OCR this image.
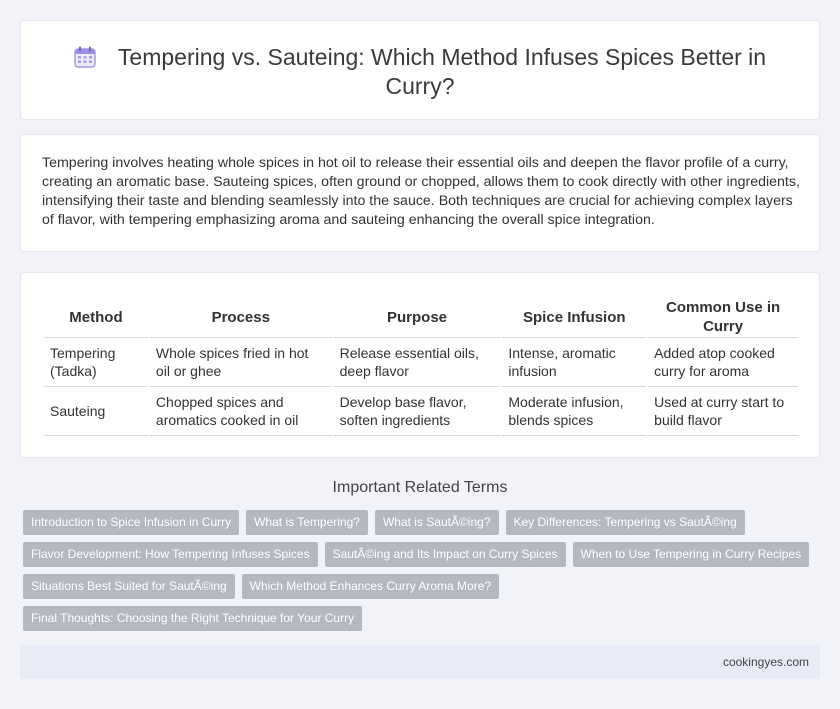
Tempering vs. Sauteing: Which Method Infuses Spices Better in Curry?

Tempering involves heating whole spices in hot oil to release their essential oils and deepen the flavor profile of a curry, creating an aromatic base. Sauteing spices, often ground or chopped, allows them to cook directly with other ingredients, intensifying their taste and blending seamlessly into the sauce. Both techniques are crucial for achieving complex layers of flavor, with tempering emphasizing aroma and sauteing enhancing the overall spice integration.

Method	Process	Purpose	Spice Infusion	Common Use in Curry
Tempering (Tadka)	Whole spices fried in hot oil or ghee	Release essential oils, deep flavor	Intense, aromatic infusion	Added atop cooked curry for aroma
Sauteing	Chopped spices and aromatics cooked in oil	Develop base flavor, soften ingredients	Moderate infusion, blends spices	Used at curry start to build flavor
Important Related Terms
Introduction to Spice Infusion in Curry	What is Tempering?	What is SautÃ©ing?	Key Differences: Tempering vs SautÃ©ing
Flavor Development: How Tempering Infuses Spices	SautÃ©ing and Its Impact on Curry Spices	When to Use Tempering in Curry Recipes
Situations Best Suited for SautÃ©ing	Which Method Enhances Curry Aroma More?
Final Thoughts: Choosing the Right Technique for Your Curry
cookingyes.com
